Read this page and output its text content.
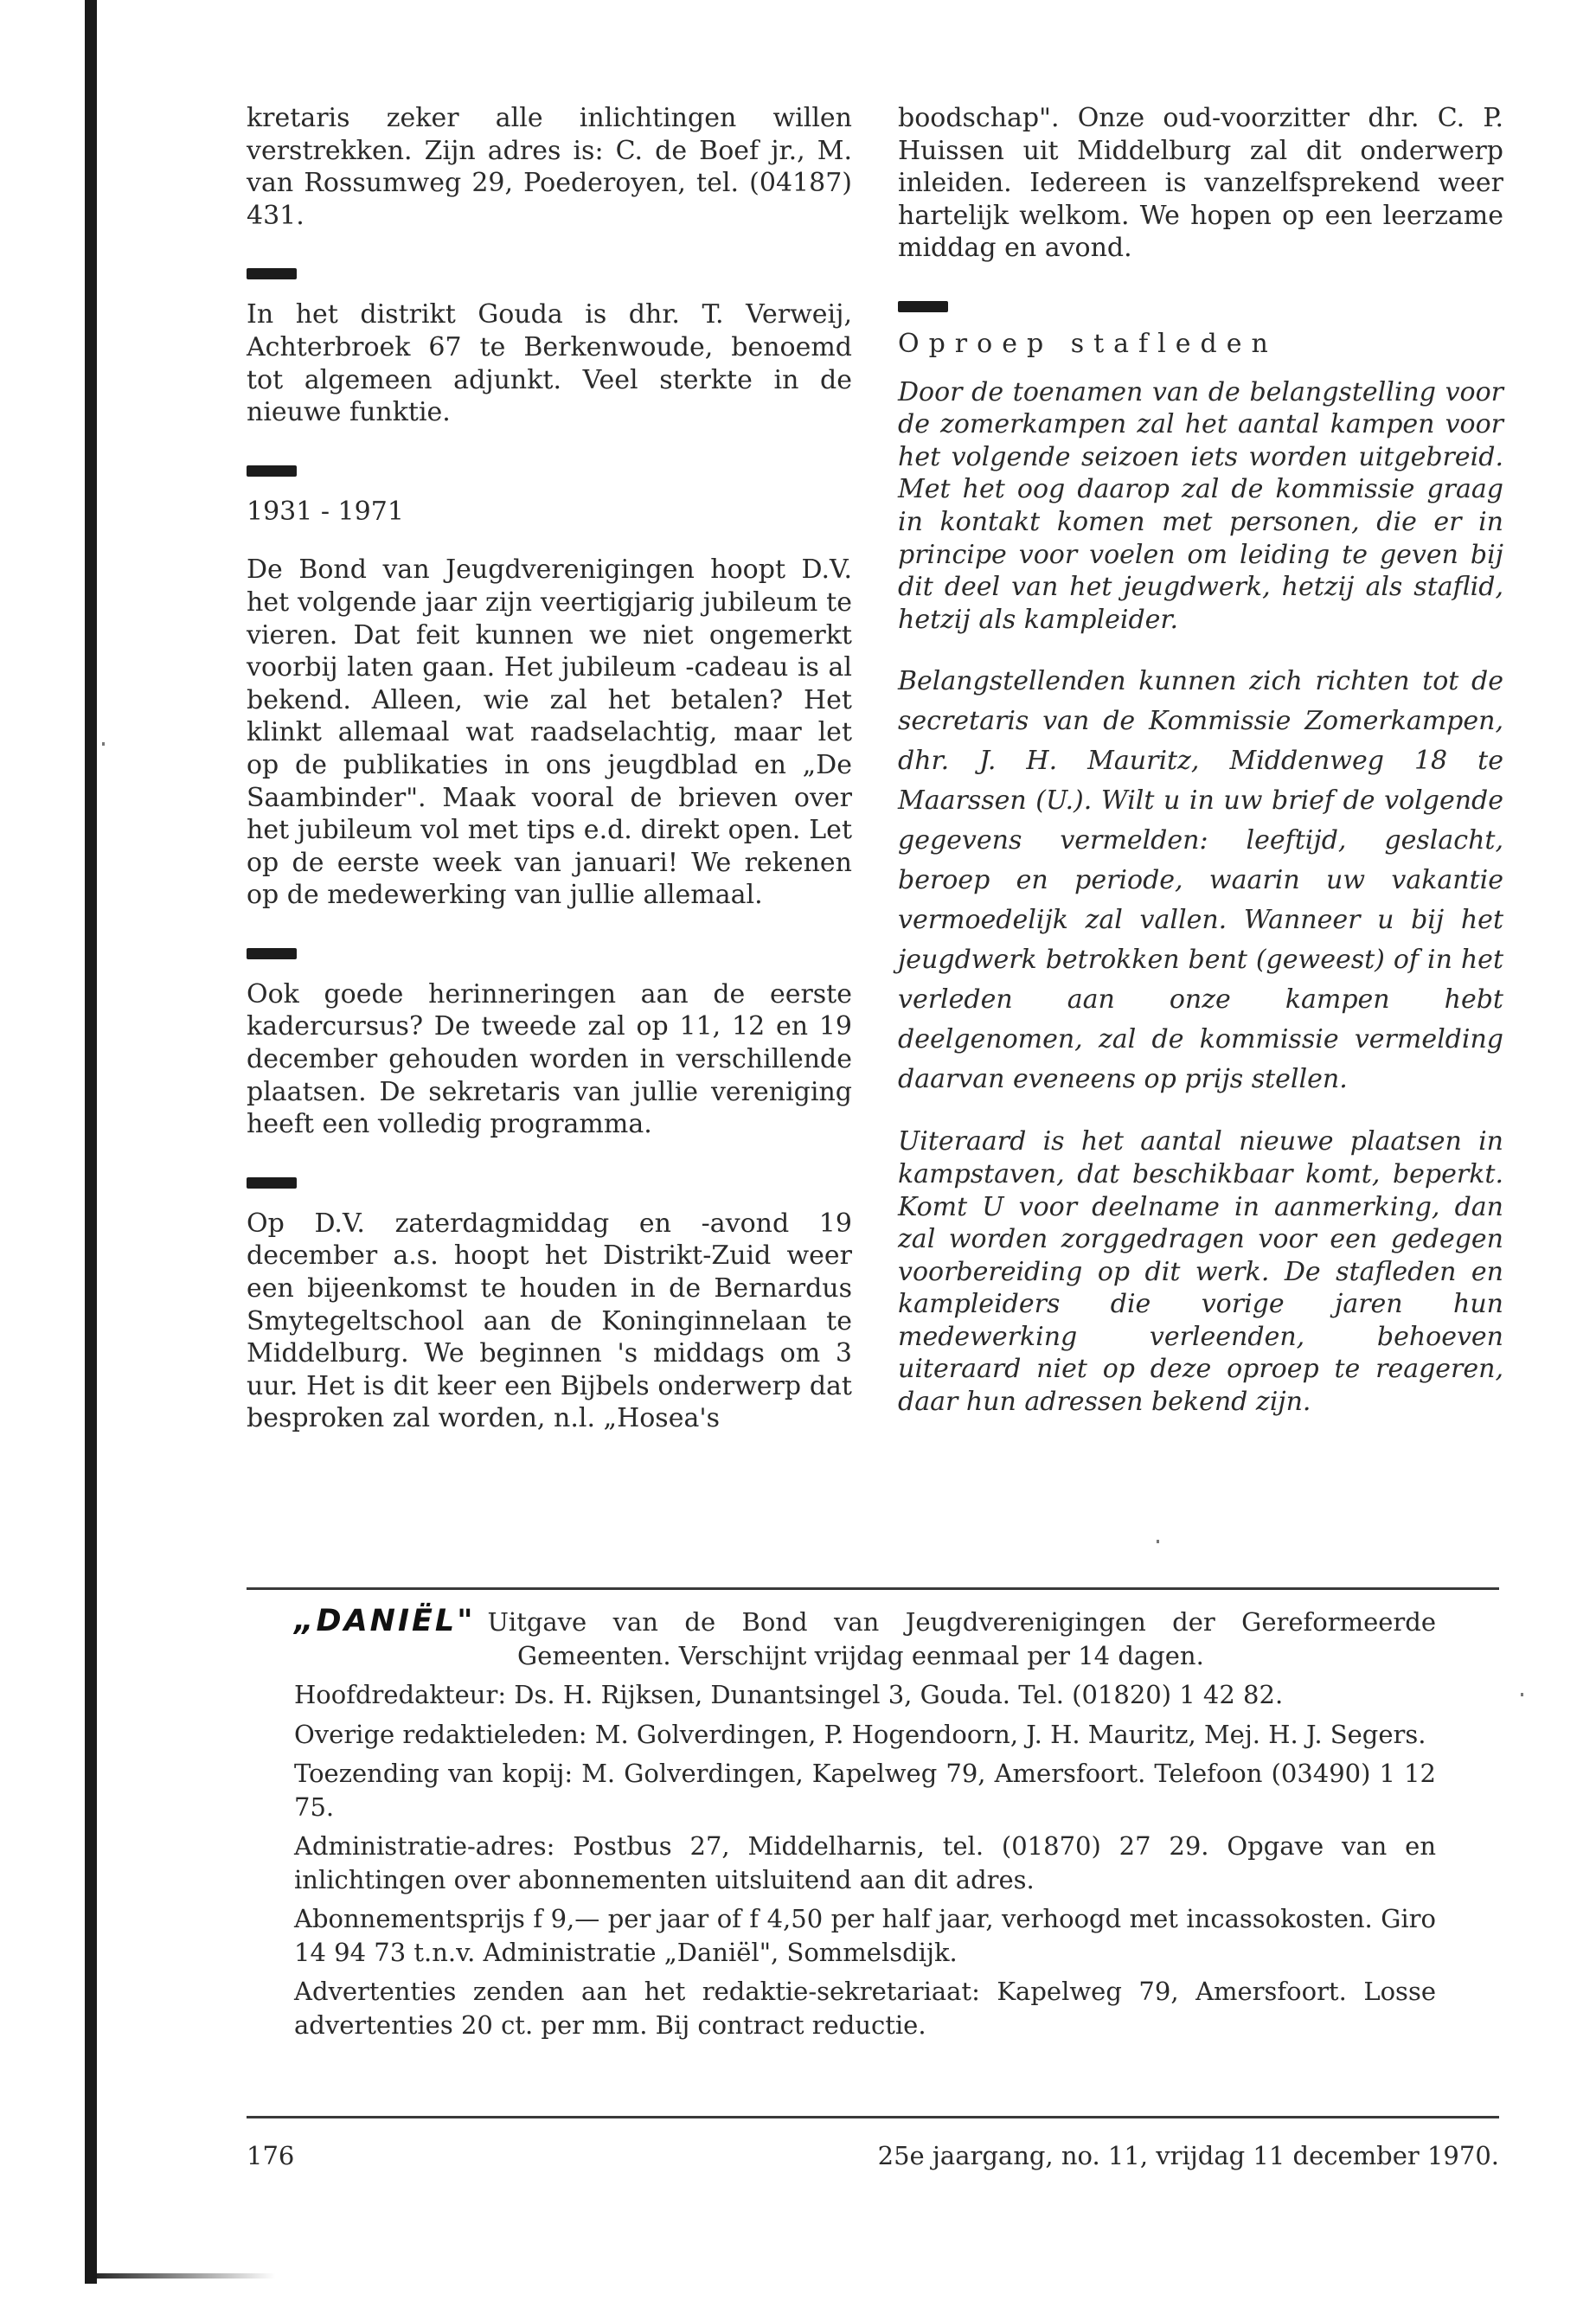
kretaris zeker alle inlichtingen willen verstrekken. Zijn adres is: C. de Boef jr., M. van Rossumweg 29, Poederoyen, tel. (04187) 431.

In het distrikt Gouda is dhr. T. Verweij, Achterbroek 67 te Berkenwoude, benoemd tot algemeen adjunkt. Veel sterkte in de nieuwe funktie.

1931 - 1971

De Bond van Jeugdverenigingen hoopt D.V. het volgende jaar zijn veertigjarig jubileum te vieren. Dat feit kunnen we niet ongemerkt voorbij laten gaan. Het jubileum -cadeau is al bekend. Alleen, wie zal het betalen? Het klinkt allemaal wat raadselachtig, maar let op de publikaties in ons jeugdblad en „De Saambinder". Maak vooral de brieven over het jubileum vol met tips e.d. direkt open. Let op de eerste week van januari! We rekenen op de medewerking van jullie allemaal.

Ook goede herinneringen aan de eerste kadercursus? De tweede zal op 11, 12 en 19 december gehouden worden in verschillende plaatsen. De sekretaris van jullie vereniging heeft een volledig programma.

Op D.V. zaterdagmiddag en -avond 19 december a.s. hoopt het Distrikt-Zuid weer een bijeenkomst te houden in de Bernardus Smytegeltschool aan de Koninginnelaan te Middelburg. We beginnen 's middags om 3 uur. Het is dit keer een Bijbels onderwerp dat besproken zal worden, n.l. „Hosea's

boodschap". Onze oud-voorzitter dhr. C. P. Huissen uit Middelburg zal dit onderwerp inleiden. Iedereen is vanzelfsprekend weer hartelijk welkom. We hopen op een leerzame middag en avond.

Oproep stafleden

Door de toenamen van de belangstelling voor de zomerkampen zal het aantal kampen voor het volgende seizoen iets worden uitgebreid. Met het oog daarop zal de kommissie graag in kontakt komen met personen, die er in principe voor voelen om leiding te geven bij dit deel van het jeugdwerk, hetzij als staflid, hetzij als kampleider.

Belangstellenden kunnen zich richten tot de secretaris van de Kommissie Zomerkampen, dhr. J. H. Mauritz, Middenweg 18 te Maarssen (U.). Wilt u in uw brief de volgende gegevens vermelden: leeftijd, geslacht, beroep en periode, waarin uw vakantie vermoedelijk zal vallen. Wanneer u bij het jeugdwerk betrokken bent (geweest) of in het verleden aan onze kampen hebt deelgenomen, zal de kommissie vermelding daarvan eveneens op prijs stellen.

Uiteraard is het aantal nieuwe plaatsen in kampstaven, dat beschikbaar komt, beperkt. Komt U voor deelname in aanmerking, dan zal worden zorggedragen voor een gedegen voorbereiding op dit werk. De stafleden en kampleiders die vorige jaren hun medewerking verleenden, behoeven uiteraard niet op deze oproep te reageren, daar hun adressen bekend zijn.

„DANIËL" Uitgave van de Bond van Jeugdverenigingen der Gereformeerde Gemeenten. Verschijnt vrijdag eenmaal per 14 dagen.

Hoofdredakteur: Ds. H. Rijksen, Dunantsingel 3, Gouda. Tel. (01820) 1 42 82.

Overige redaktieleden: M. Golverdingen, P. Hogendoorn, J. H. Mauritz, Mej. H. J. Segers.

Toezending van kopij: M. Golverdingen, Kapelweg 79, Amersfoort. Telefoon (03490) 1 12 75.

Administratie-adres: Postbus 27, Middelharnis, tel. (01870) 27 29. Opgave van en inlichtingen over abonnementen uitsluitend aan dit adres.

Abonnementsprijs f 9,— per jaar of f 4,50 per half jaar, verhoogd met incassokosten. Giro 14 94 73 t.n.v. Administratie „Daniël", Sommelsdijk.

Advertenties zenden aan het redaktie-sekretariaat: Kapelweg 79, Amersfoort. Losse advertenties 20 ct. per mm. Bij contract reductie.

176	25e jaargang, no. 11, vrijdag 11 december 1970.
